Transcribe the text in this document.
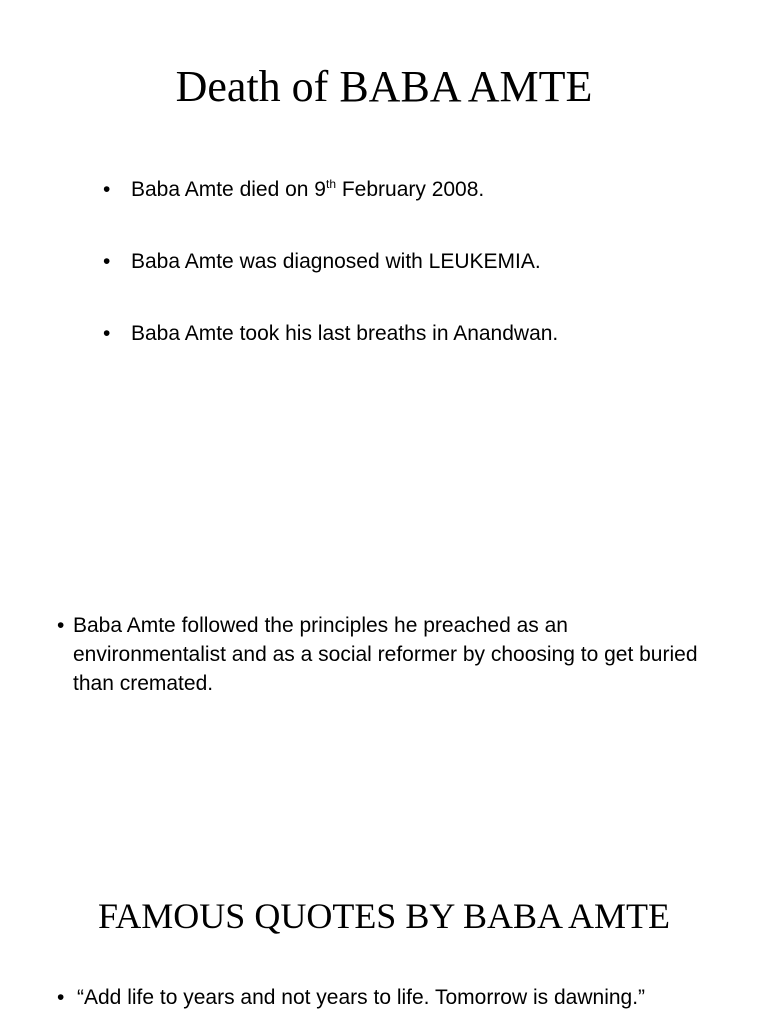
Death of BABA AMTE
• Baba Amte died on 9th February 2008.
• Baba Amte was diagnosed with LEUKEMIA.
• Baba Amte took his last breaths in Anandwan.
• Baba Amte followed the principles he preached as an environmentalist and as a social reformer by choosing to get buried than cremated.
FAMOUS QUOTES BY BABA AMTE
• “Add life to years and not years to life. Tomorrow is dawning.”
